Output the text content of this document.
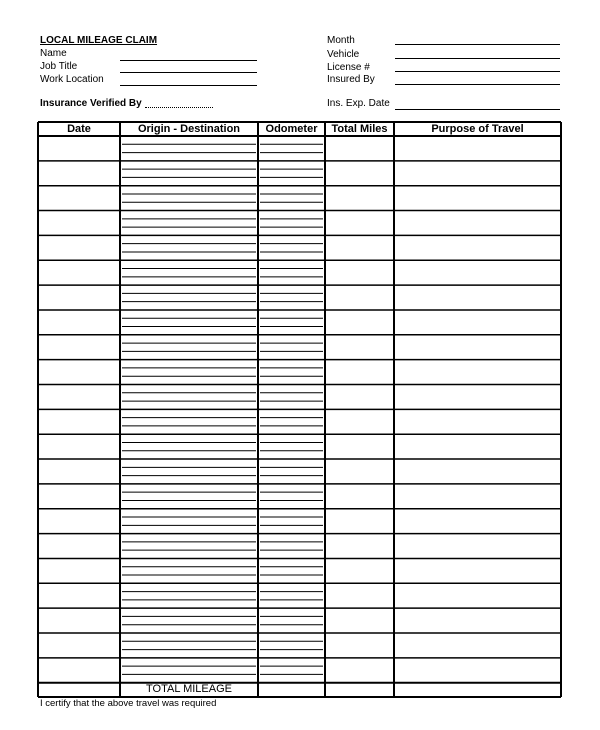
LOCAL MILEAGE CLAIM
Name
Job Title
Work Location
Month
Vehicle
License #
Insured By
Insurance Verified By	Ins. Exp. Date
Date	Origin - Destination	Odometer	Total Miles	Purpose of Travel
TOTAL MILEAGE
I certify that the above travel was required
